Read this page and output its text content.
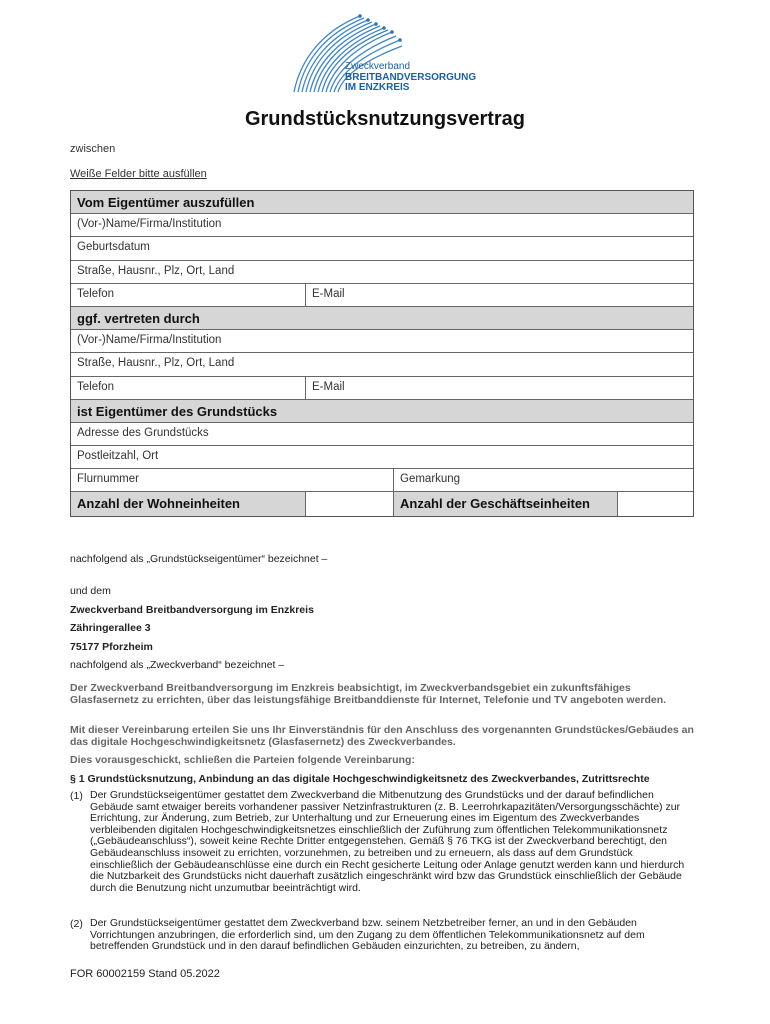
Zweckverband
BREITBANDVERSORGUNG
IM ENZKREIS
Grundstücksnutzungsvertrag
zwischen
Weiße Felder bitte ausfüllen
Vom Eigentümer auszufüllen
(Vor-)Name/Firma/Institution
Geburtsdatum
Straße, Hausnr., Plz, Ort, Land
Telefon	E-Mail
ggf. vertreten durch
(Vor-)Name/Firma/Institution
Straße, Hausnr., Plz, Ort, Land
Telefon	E-Mail
ist Eigentümer des Grundstücks
Adresse des Grundstücks
Postleitzahl, Ort
Flurnummer	Gemarkung
Anzahl der Wohneinheiten	Anzahl der Geschäftseinheiten
nachfolgend als „Grundstückseigentümer“ bezeichnet –
und dem
Zweckverband Breitbandversorgung im Enzkreis
Zähringerallee 3
75177 Pforzheim
nachfolgend als „Zweckverband“ bezeichnet –
Der Zweckverband Breitbandversorgung im Enzkreis beabsichtigt, im Zweckverbandsgebiet ein zukunftsfähiges Glasfasernetz zu errichten, über das leistungsfähige Breitbanddienste für Internet, Telefonie und TV angeboten werden.
Mit dieser Vereinbarung erteilen Sie uns Ihr Einverständnis für den Anschluss des vorgenannten Grundstückes/Gebäudes an das digitale Hochgeschwindigkeitsnetz (Glasfasernetz) des Zweckverbandes.
Dies vorausgeschickt, schließen die Parteien folgende Vereinbarung:
§ 1 Grundstücksnutzung, Anbindung an das digitale Hochgeschwindigkeitsnetz des Zweckverbandes, Zutrittsrechte
(1) Der Grundstückseigentümer gestattet dem Zweckverband die Mitbenutzung des Grundstücks und der darauf befindlichen Gebäude samt etwaiger bereits vorhandener passiver Netzinfrastrukturen (z. B. Leerrohrkapazitäten/Versorgungsschächte) zur Errichtung, zur Änderung, zum Betrieb, zur Unterhaltung und zur Erneuerung eines im Eigentum des Zweckverbandes verbleibenden digitalen Hochgeschwindigkeitsnetzes einschließlich der Zuführung zum öffentlichen Telekommunikationsnetz („Gebäudeanschluss“), soweit keine Rechte Dritter entgegenstehen. Gemäß § 76 TKG ist der Zweckverband berechtigt, den Gebäudeanschluss insoweit zu errichten, vorzunehmen, zu betreiben und zu erneuern, als dass auf dem Grundstück einschließlich der Gebäudeanschlüsse eine durch ein Recht gesicherte Leitung oder Anlage genutzt werden kann und hierdurch die Nutzbarkeit des Grundstücks nicht dauerhaft zusätzlich eingeschränkt wird bzw das Grundstück einschließlich der Gebäude durch die Benutzung nicht unzumutbar beeinträchtigt wird.
(2) Der Grundstückseigentümer gestattet dem Zweckverband bzw. seinem Netzbetreiber ferner, an und in den Gebäuden Vorrichtungen anzubringen, die erforderlich sind, um den Zugang zu dem öffentlichen Telekommunikationsnetz auf dem betreffenden Grundstück und in den darauf befindlichen Gebäuden einzurichten, zu betreiben, zu ändern,
FOR 60002159 Stand 05.2022
